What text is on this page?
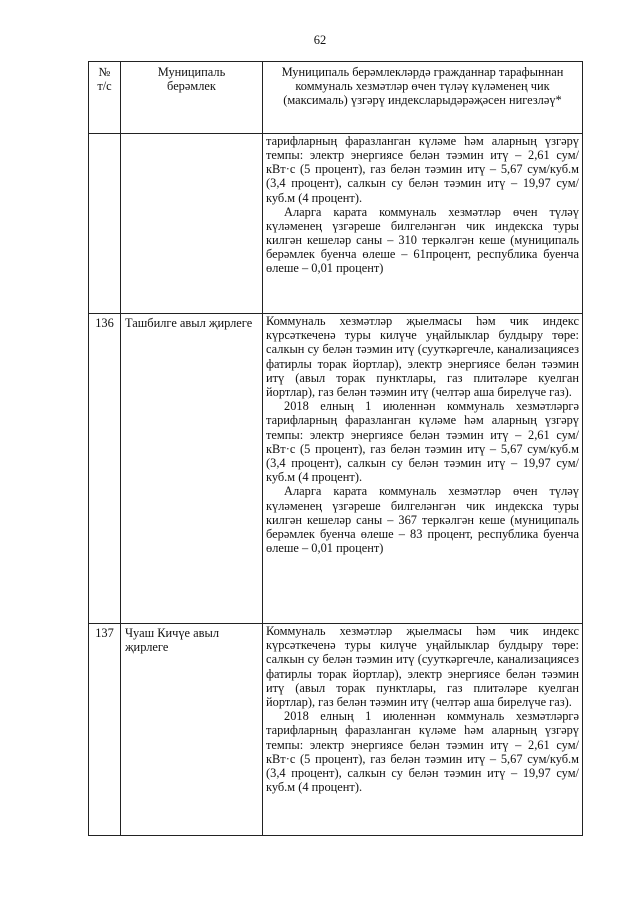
62
№
т/с	Муниципаль берәмлек	Муниципаль берәмлекләрдә гражданнар тарафыннан коммуналь хезмәтләр өчен түләү күләменең чик (максималь) үзгәрү индексларыдәрәҗәсен нигезләү*

		тарифларның фаразланган күләме һәм аларның үзгәрү темпы: электр энергиясе белән тәэмин итү – 2,61 сум/кВт·с (5 процент), газ белән тәэмин итү – 5,67 сум/куб.м (3,4 процент), салкын су белән тәэмин итү – 19,97 сум/куб.м (4 процент).

Аларга карата коммуналь хезмәтләр өчен түләү күләменең үзгәреше билгеләнгән чик индекска туры килгән кешеләр саны – 310 теркәлгән кеше (муниципаль берәмлек буенча өлеше – 61процент, республика буенча өлеше – 0,01 процент)

136	Ташбилге авыл җирлеге	Коммуналь хезмәтләр җыелмасы һәм чик индекс күрсәткеченә туры килүче уңайлыклар булдыру төре: салкын су белән тәэмин итү (сууткәргечле, канализациясез фатирлы торак йортлар), электр энергиясе белән тәэмин итү (авыл торак пунктлары, газ плитәләре куелган йортлар), газ белән тәэмин итү (челтәр аша бирелүче газ).

2018 елның 1 июленнән коммуналь хезмәтләргә тарифларның фаразланган күләме һәм аларның үзгәрү темпы: электр энергиясе белән тәэмин итү – 2,61 сум/кВт·с (5 процент), газ белән тәэмин итү – 5,67 сум/куб.м (3,4 процент), салкын су белән тәэмин итү – 19,97 сум/куб.м (4 процент).

Аларга карата коммуналь хезмәтләр өчен түләү күләменең үзгәреше билгеләнгән чик индекска туры килгән кешеләр саны – 367 теркәлгән кеше (муниципаль берәмлек буенча өлеше – 83 процент, республика буенча өлеше – 0,01 процент)

137	Чуаш Кичүе авыл җирлеге	Коммуналь хезмәтләр җыелмасы һәм чик индекс күрсәткеченә туры килүче уңайлыклар булдыру төре: салкын су белән тәэмин итү (сууткәргечле, канализациясез фатирлы торак йортлар), электр энергиясе белән тәэмин итү (авыл торак пунктлары, газ плитәләре куелган йортлар), газ белән тәэмин итү (челтәр аша бирелүче газ).

2018 елның 1 июленнән коммуналь хезмәтләргә тарифларның фаразланган күләме һәм аларның үзгәрү темпы: электр энергиясе белән тәэмин итү – 2,61 сум/кВт·с (5 процент), газ белән тәэмин итү – 5,67 сум/куб.м (3,4 процент), салкын су белән тәэмин итү – 19,97 сум/куб.м (4 процент).
